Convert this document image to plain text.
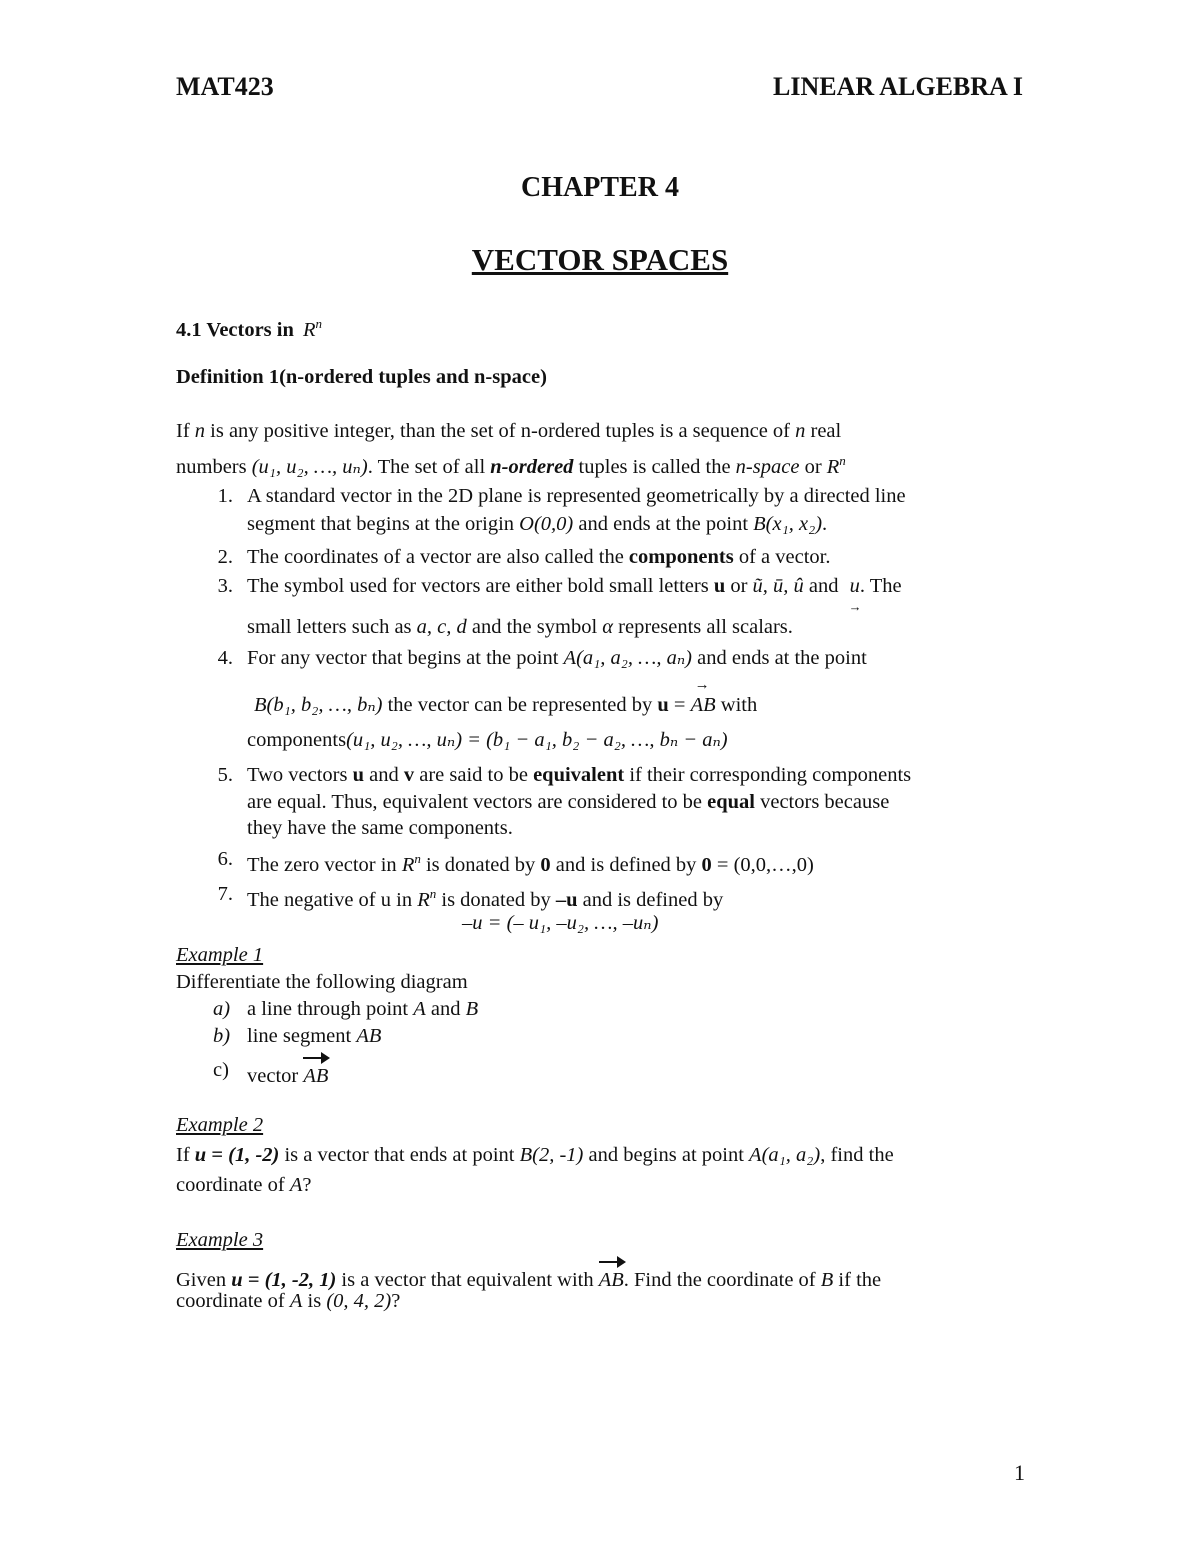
MAT423	LINEAR ALGEBRA I
CHAPTER 4
VECTOR SPACES
4.1 Vectors in $R^n$
Definition 1(n-ordered tuples and n-space)
If n is any positive integer, than the set of n-ordered tuples is a sequence of n real
numbers (u₁, u₂, …, uₙ). The set of all n-ordered tuples is called the n-space or $R^n$
1. A standard vector in the 2D plane is represented geometrically by a directed line
segment that begins at the origin O(0,0) and ends at the point B(x₁, x₂).
2. The coordinates of a vector are also called the components of a vector.
3. The symbol used for vectors are either bold small letters u or ũ, ū, û and u
→
. The
small letters such as a, c, d and the symbol α represents all scalars.
4. For any vector that begins at the point A(a₁, a₂, …, aₙ) and ends at the point
B(b₁, b₂, …, bₙ) the vector can be represented by u =
→
AB with
components(u₁, u₂, …, uₙ) = (b₁ − a₁, b₂ − a₂, …, bₙ − aₙ)
5. Two vectors u and v are said to be equivalent if their corresponding components
are equal. Thus, equivalent vectors are considered to be equal vectors because
they have the same components.
6. The zero vector in $R^n$ is donated by 0 and is defined by 0 = (0,0,…,0)
7. The negative of u in $R^n$ is donated by –u and is defined by
–u = (– u₁, –u₂, …, –uₙ)
Example 1
Differentiate the following diagram
a) a line through point A and B
b) line segment AB
c) vector AB
Example 2
If u = (1, -2) is a vector that ends at point B(2, -1) and begins at point A(a₁, a₂), find the
coordinate of A?
Example 3
Given u = (1, -2, 1) is a vector that equivalent with AB. Find the coordinate of B if the
coordinate of A is (0, 4, 2)?
1
